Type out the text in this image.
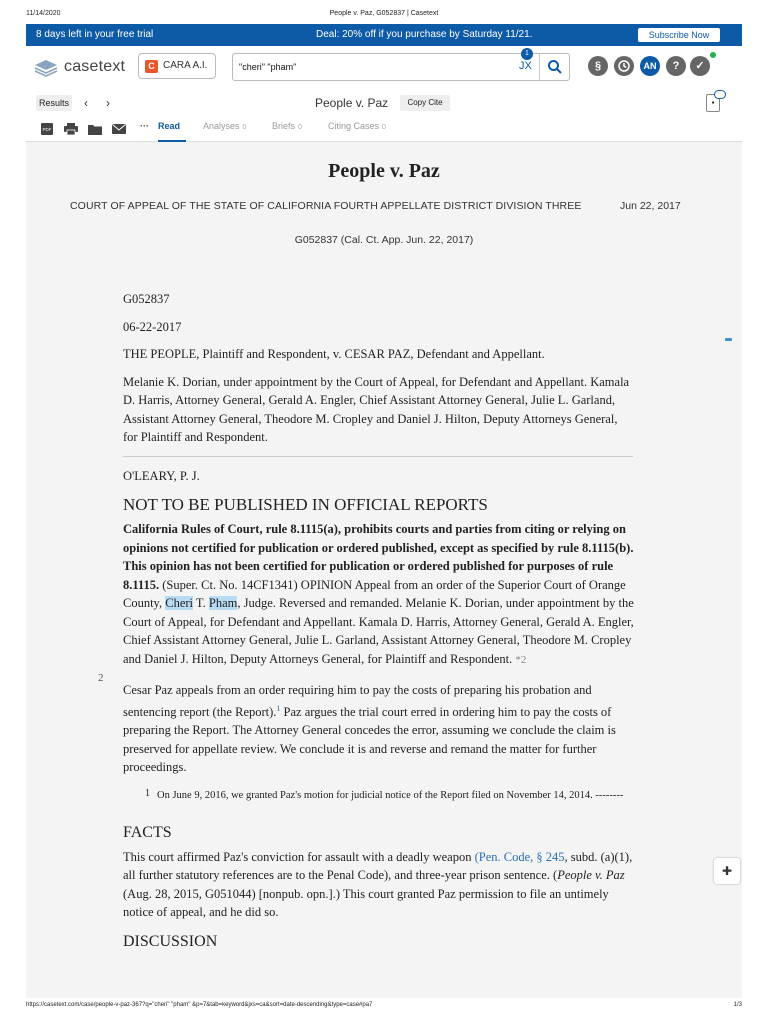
11/14/2020	People v. Paz, G052837 | Casetext
8 days left in your free trial	Deal: 20% off if you purchase by Saturday 11/21.	Subscribe Now
casetext	C CARA A.I.
"cheri" "pham"
1
JX	§	AN	?	✓
Results ‹ ›	People v. Paz	Copy Cite	▪
PDF	··· Read	Analyses 0	Briefs 0	Citing Cases 0
People v. Paz
COURT OF APPEAL OF THE STATE OF CALIFORNIA FOURTH APPELLATE DISTRICT DIVISION THREE	Jun 22, 2017
G052837 (Cal. Ct. App. Jun. 22, 2017)
2

G052837

06-22-2017

THE PEOPLE, Plaintiff and Respondent, v. CESAR PAZ, Defendant and Appellant.

Melanie K. Dorian, under appointment by the Court of Appeal, for Defendant and Appellant. Kamala D. Harris, Attorney General, Gerald A. Engler, Chief Assistant Attorney General, Julie L. Garland, Assistant Attorney General, Theodore M. Cropley and Daniel J. Hilton, Deputy Attorneys General, for Plaintiff and Respondent.

O'LEARY, P. J.

NOT TO BE PUBLISHED IN OFFICIAL REPORTS

California Rules of Court, rule 8.1115(a), prohibits courts and parties from citing or relying on opinions not certified for publication or ordered published, except as specified by rule 8.1115(b). This opinion has not been certified for publication or ordered published for purposes of rule 8.1115. (Super. Ct. No. 14CF1341) OPINION Appeal from an order of the Superior Court of Orange County, Cheri T. Pham, Judge. Reversed and remanded. Melanie K. Dorian, under appointment by the Court of Appeal, for Defendant and Appellant. Kamala D. Harris, Attorney General, Gerald A. Engler, Chief Assistant Attorney General, Julie L. Garland, Assistant Attorney General, Theodore M. Cropley and Daniel J. Hilton, Deputy Attorneys General, for Plaintiff and Respondent. *2

Cesar Paz appeals from an order requiring him to pay the costs of preparing his probation and sentencing report (the Report).$^1$ Paz argues the trial court erred in ordering him to pay the costs of preparing the Report. The Attorney General concedes the error, assuming we conclude the claim is preserved for appellate review. We conclude it is and reverse and remand the matter for further proceedings.

1 On June 9, 2016, we granted Paz's motion for judicial notice of the Report filed on November 14, 2014. --------
FACTS

This court affirmed Paz's conviction for assault with a deadly weapon (Pen. Code, § 245, subd. (a)(1), all further statutory references are to the Penal Code), and three-year prison sentence. (People v. Paz (Aug. 28, 2015, G051044) [nonpub. opn.].) This court granted Paz permission to file an untimely notice of appeal, and he did so.

DISCUSSION
✚
https://casetext.com/case/people-v-paz-367?q="cheri" "pham" &p=7&tab=keyword&jxs=ca&sort=date-descending&type=case#pa7	1/3
